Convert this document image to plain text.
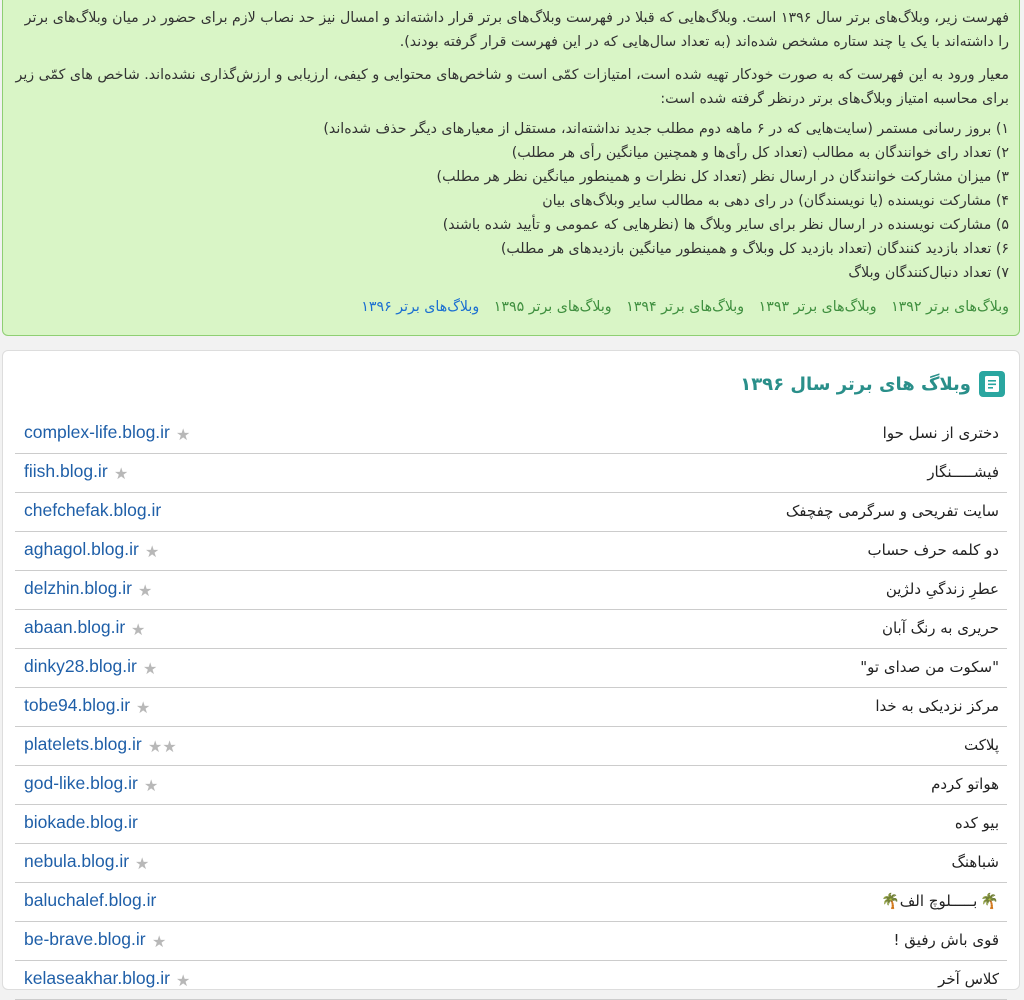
فهرست زیر، وبلاگ‌های برتر سال ۱۳۹۶ است. وبلاگ‌هایی که قبلا در فهرست وبلاگ‌های برتر قرار داشته‌اند و امسال نیز حد نصاب لازم برای حضور در میان وبلاگ‌های برتر را داشته‌اند با یک یا چند ستاره مشخص شده‌اند (به تعداد سال‌هایی که در این فهرست قرار گرفته بودند).

معیار ورود به این فهرست که به صورت خودکار تهیه شده است، امتیازات کمّی است و شاخص‌های محتوایی و کیفی، ارزیابی و ارزش‌گذاری نشده‌اند. شاخص های کمّی زیر برای محاسبه امتیاز وبلاگ‌های برتر درنظر گرفته شده است:

۱) بروز رسانی مستمر (سایت‌هایی که در ۶ ماهه دوم مطلب جدید نداشته‌اند، مستقل از معیارهای دیگر حذف شده‌اند)

۲) تعداد رای خوانندگان به مطالب (تعداد کل رأی‌ها و همچنین میانگین رأی هر مطلب)

۳) میزان مشارکت خوانندگان در ارسال نظر (تعداد کل نظرات و همینطور میانگین نظر هر مطلب)

۴) مشارکت نویسنده (یا نویسندگان) در رای دهی به مطالب سایر وبلاگ‌های بیان

۵) مشارکت نویسنده در ارسال نظر برای سایر وبلاگ ها (نظرهایی که عمومی و تأیید شده باشند)

۶) تعداد بازدید کنندگان (تعداد بازدید کل وبلاگ و همینطور میانگین بازدیدهای هر مطلب)

۷) تعداد دنبال‌کنندگان وبلاگ

وبلاگ‌های برتر ۱۳۹۲ وبلاگ‌های برتر ۱۳۹۳ وبلاگ‌های برتر ۱۳۹۴ وبلاگ‌های برتر ۱۳۹۵ وبلاگ‌های برتر ۱۳۹۶

وبلاگ های برتر سال ۱۳۹۶
دختری از نسل حوا
complex-life.blog.ir ★
فیشـــــنگار
fiish.blog.ir ★
سایت تفریحی و سرگرمی چفچفک
chefchefak.blog.ir
دو کلمه حرف حساب
aghagol.blog.ir ★
عطرِ زندگیِ دلژین
delzhin.blog.ir ★
حریری به رنگ آبان
abaan.blog.ir ★
"سکوت من صدای تو"
dinky28.blog.ir ★
مرکز نزدیکی به خدا
tobe94.blog.ir ★
پلاکت
platelets.blog.ir ★★
هواتو کردم
god-like.blog.ir ★
بیو کده
biokade.blog.ir
شباهنگ
nebula.blog.ir ★
🌴بـــــلوچ الف🌴
baluchalef.blog.ir
قوی باش رفیق !
be-brave.blog.ir ★
کلاس آخر
kelaseakhar.blog.ir ★
